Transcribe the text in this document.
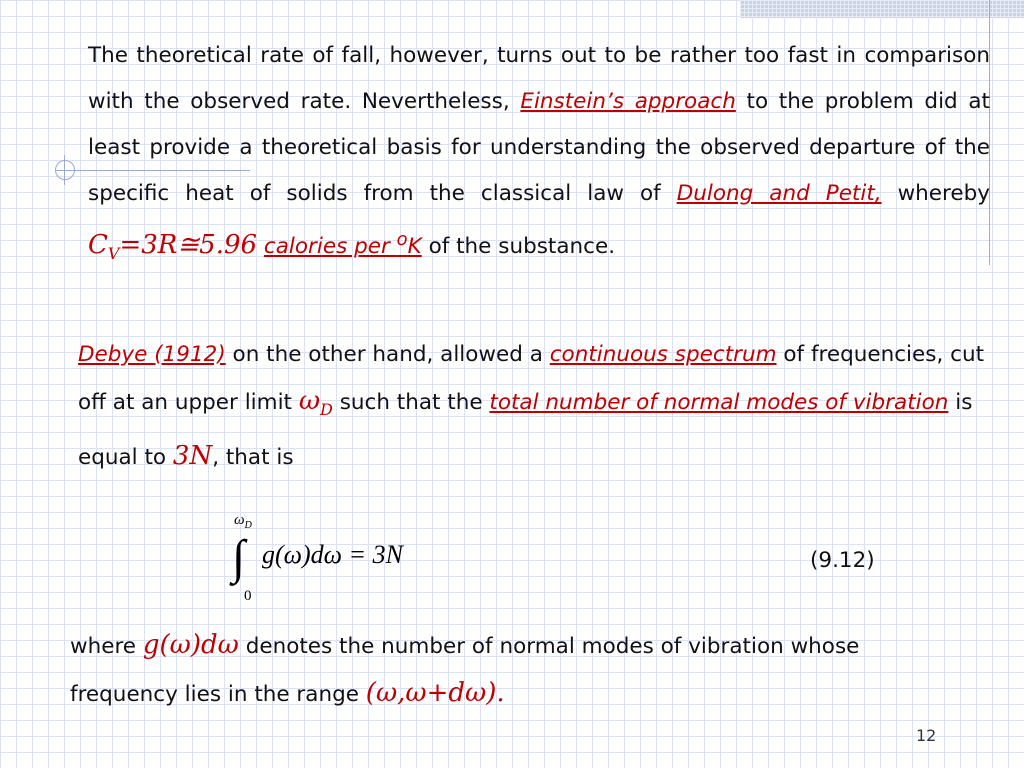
The theoretical rate of fall, however, turns out to be rather too fast in comparison with the observed rate. Nevertheless, Einstein’s approach to the problem did at least provide a theoretical basis for understanding the observed departure of the specific heat of solids from the classical law of Dulong and Petit, whereby $C_V=3R≅5.96$ calories per $^o$K of the substance.
Debye (1912) on the other hand, allowed a continuous spectrum of frequencies, cut off at an upper limit $\omega_D$ such that the total number of normal modes of vibration is equal to 3N, that is
$\omega_D$
∫
0
g(ω)dω = 3N	(9.12)
where g(ω)dω denotes the number of normal modes of vibration whose frequency lies in the range (ω,ω+dω).
12
